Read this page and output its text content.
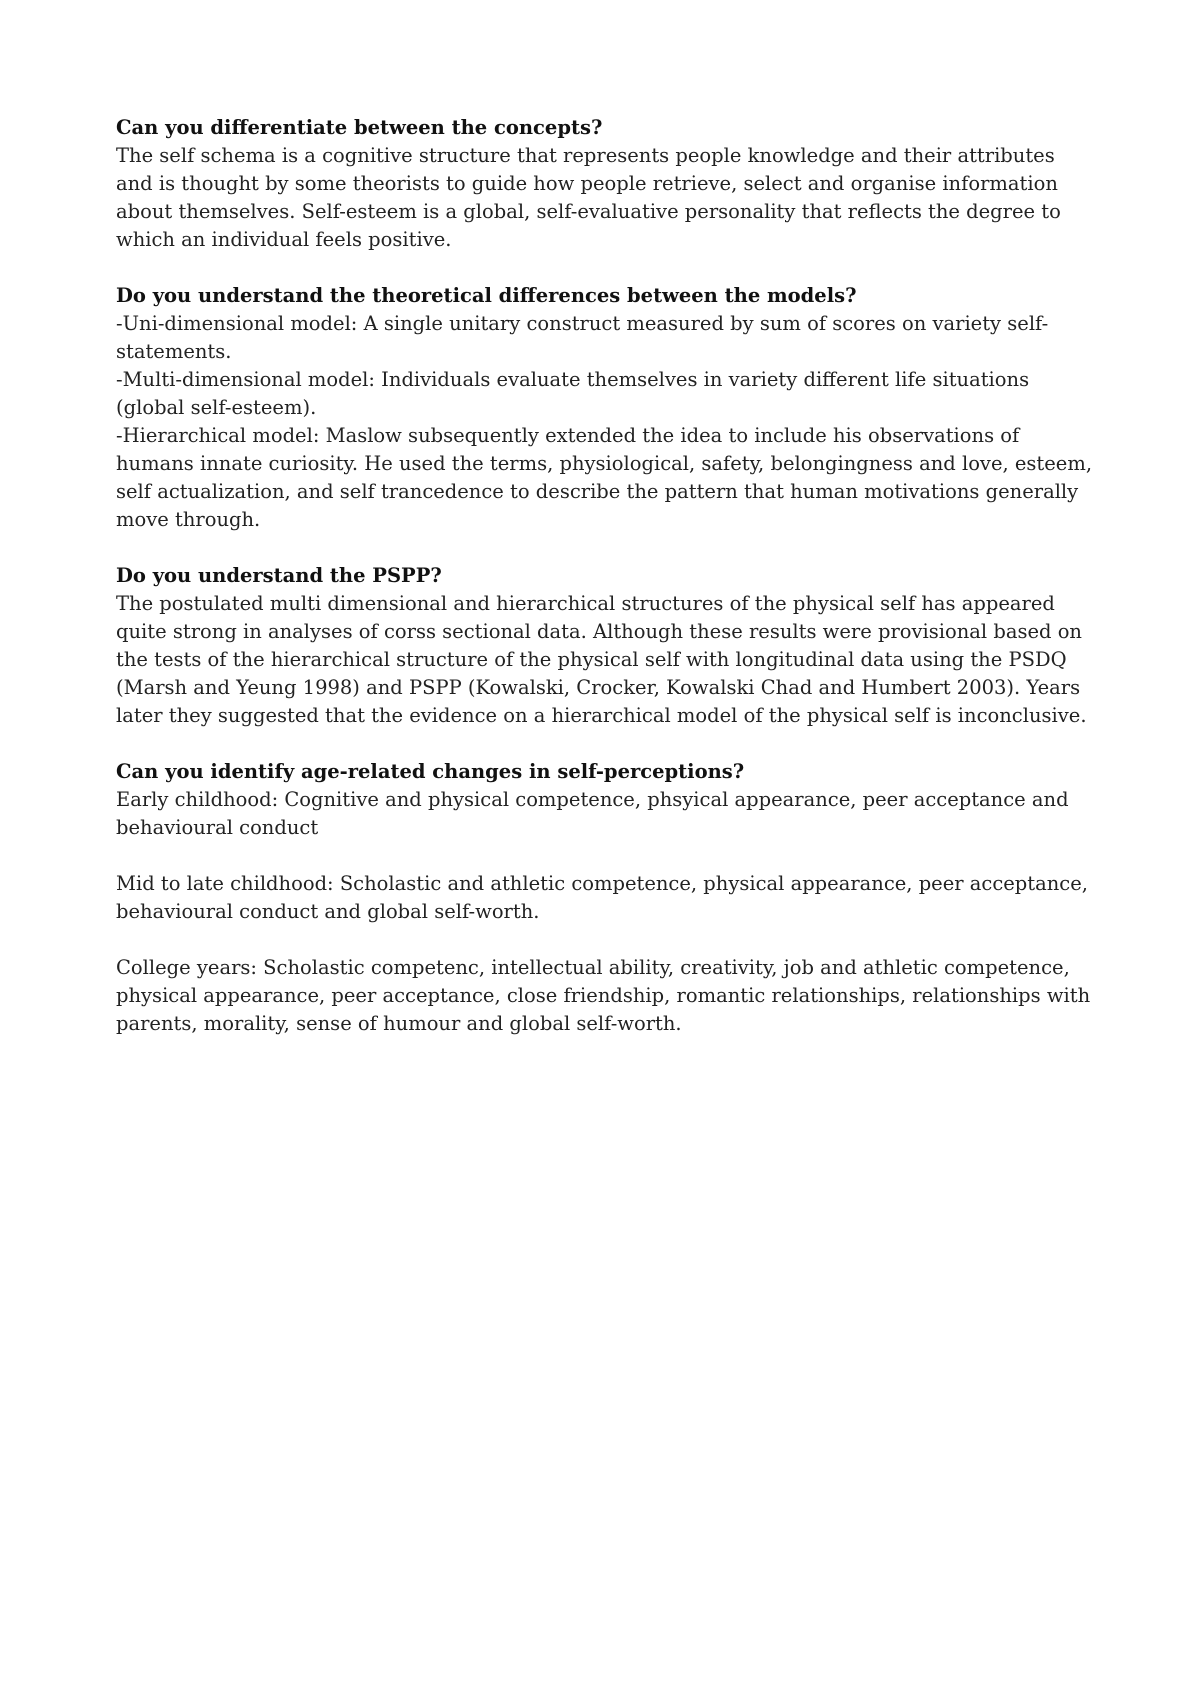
Can you differentiate between the concepts?

The self schema is a cognitive structure that represents people knowledge and their attributes and is thought by some theorists to guide how people retrieve, select and organise information about themselves. Self-esteem is a global, self-evaluative personality that reflects the degree to which an individual feels positive.

Do you understand the theoretical differences between the models?

-Uni-dimensional model: A single unitary construct measured by sum of scores on variety self-statements.

-Multi-dimensional model: Individuals evaluate themselves in variety different life situations (global self-esteem).

-Hierarchical model: Maslow subsequently extended the idea to include his observations of humans innate curiosity. He used the terms, physiological, safety, belongingness and love, esteem, self actualization, and self trancedence to describe the pattern that human motivations generally move through.

Do you understand the PSPP?

The postulated multi dimensional and hierarchical structures of the physical self has appeared quite strong in analyses of corss sectional data. Although these results were provisional based on the tests of the hierarchical structure of the physical self with longitudinal data using the PSDQ (Marsh and Yeung 1998) and PSPP (Kowalski, Crocker, Kowalski Chad and Humbert 2003). Years later they suggested that the evidence on a hierarchical model of the physical self is inconclusive.

Can you identify age-related changes in self-perceptions?

Early childhood: Cognitive and physical competence, phsyical appearance, peer acceptance and behavioural conduct

Mid to late childhood: Scholastic and athletic competence, physical appearance, peer acceptance, behavioural conduct and global self-worth.

College years: Scholastic competenc, intellectual ability, creativity, job and athletic competence, physical appearance, peer acceptance, close friendship, romantic relationships, relationships with parents, morality, sense of humour and global self-worth.
